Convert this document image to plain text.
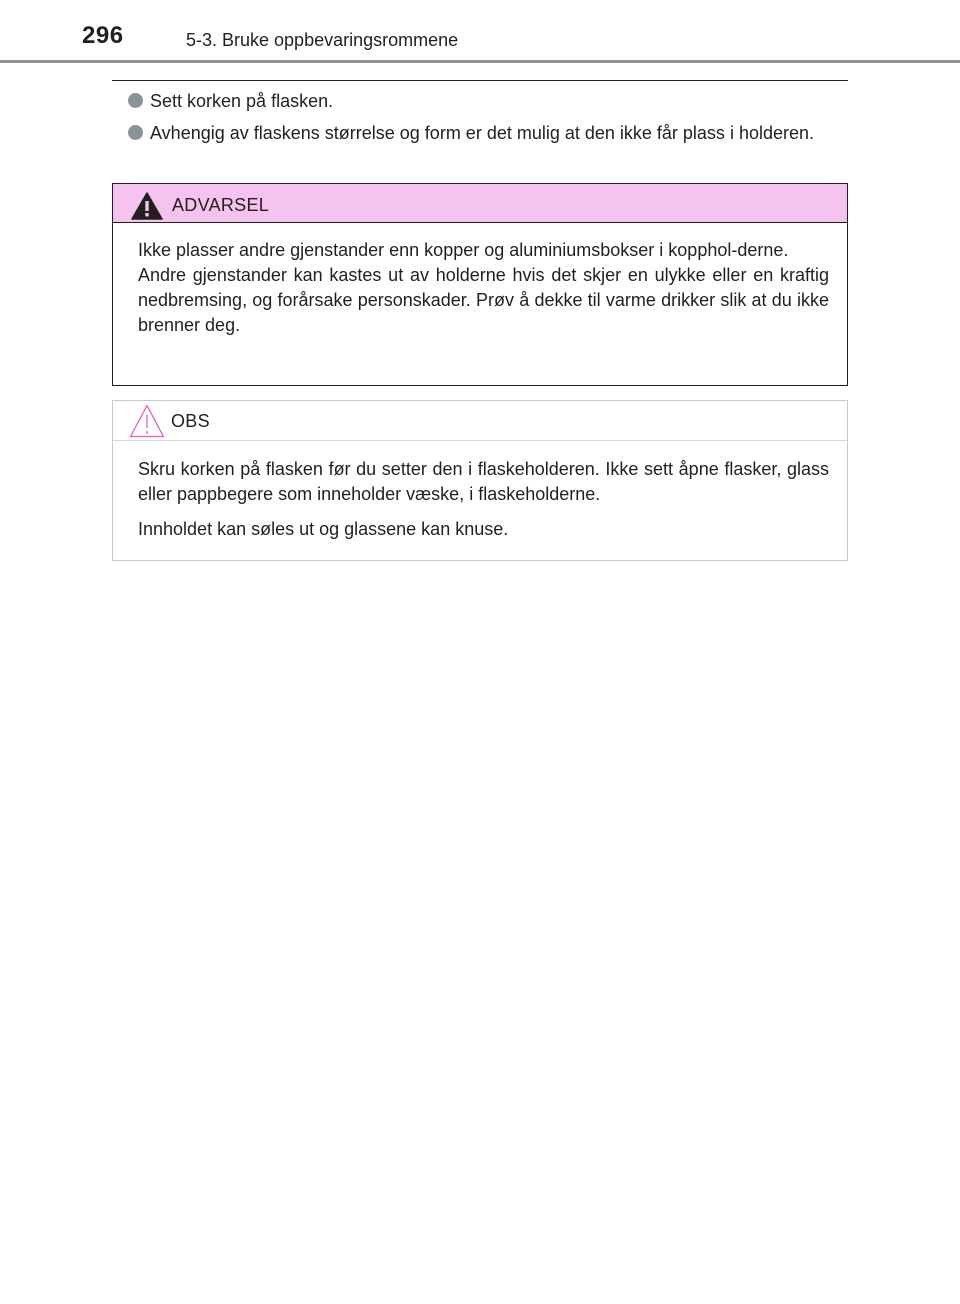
296	5-3. Bruke oppbevaringsrommene
Sett korken på flasken.
Avhengig av flaskens størrelse og form er det mulig at den ikke får plass i holderen.
ADVARSEL

Ikke plasser andre gjenstander enn kopper og aluminiumsbokser i kopphol-derne.

Andre gjenstander kan kastes ut av holderne hvis det skjer en ulykke eller en kraftig nedbremsing, og forårsake personskader. Prøv å dekke til varme drikker slik at du ikke brenner deg.

OBS

Skru korken på flasken før du setter den i flaskeholderen. Ikke sett åpne flasker, glass eller pappbegere som inneholder væske, i flaskeholderne.

Innholdet kan søles ut og glassene kan knuse.
